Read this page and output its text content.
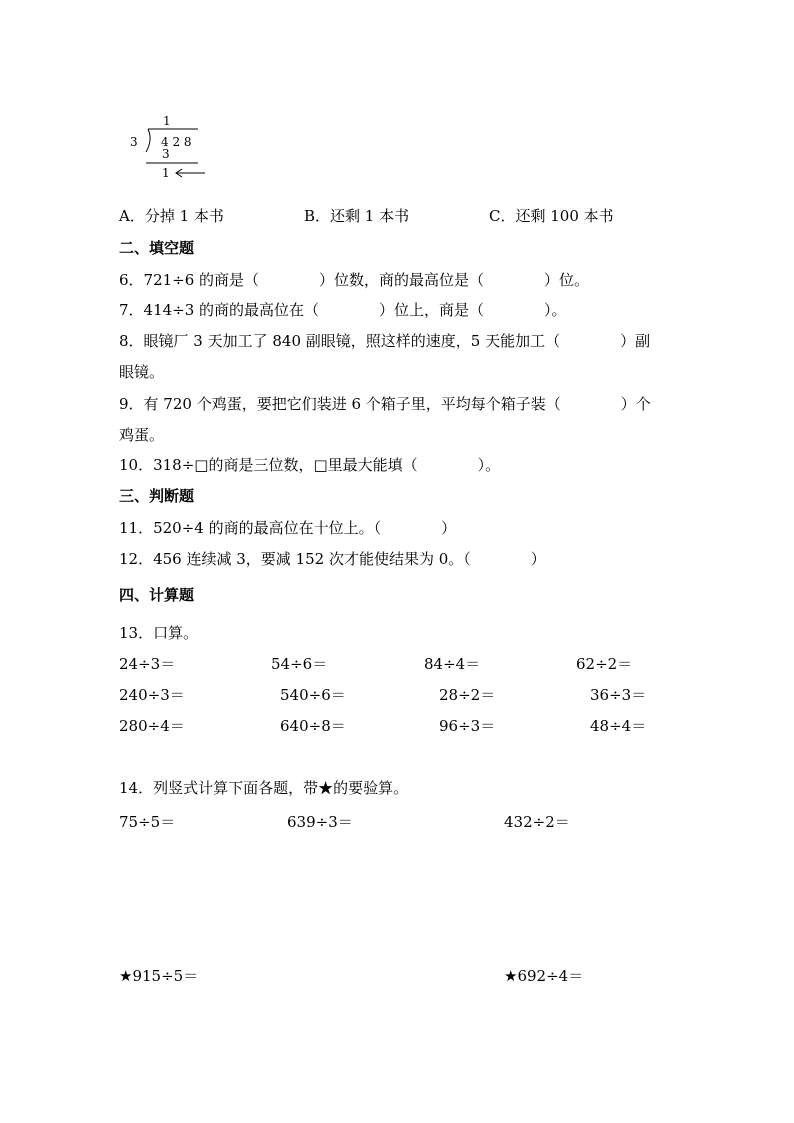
1
3 4 2 8
3
1
A．分掉 1 本书	B．还剩 1 本书	C．还剩 100 本书
二、填空题
6．721÷6 的商是（　　　　）位数，商的最高位是（　　　　）位。
7．414÷3 的商的最高位在（　　　　）位上，商是（　　　　）。
8．眼镜厂 3 天加工了 840 副眼镜，照这样的速度，5 天能加工（　　　　）副
眼镜。
9．有 720 个鸡蛋，要把它们装进 6 个箱子里，平均每个箱子装（　　　　）个
鸡蛋。
10．318÷□的商是三位数，□里最大能填（　　　　）。
三、判断题
11．520÷4 的商的最高位在十位上。（　　　　）
12．456 连续减 3，要减 152 次才能使结果为 0。（　　　　）
四、计算题
13．口算。
24÷3＝	54÷6＝	84÷4＝	62÷2＝
240÷3＝	540÷6＝	28÷2＝	36÷3＝
280÷4＝	640÷8＝	96÷3＝	48÷4＝
14．列竖式计算下面各题，带★的要验算。
75÷5＝	639÷3＝	432÷2＝
★915÷5＝	★692÷4＝
